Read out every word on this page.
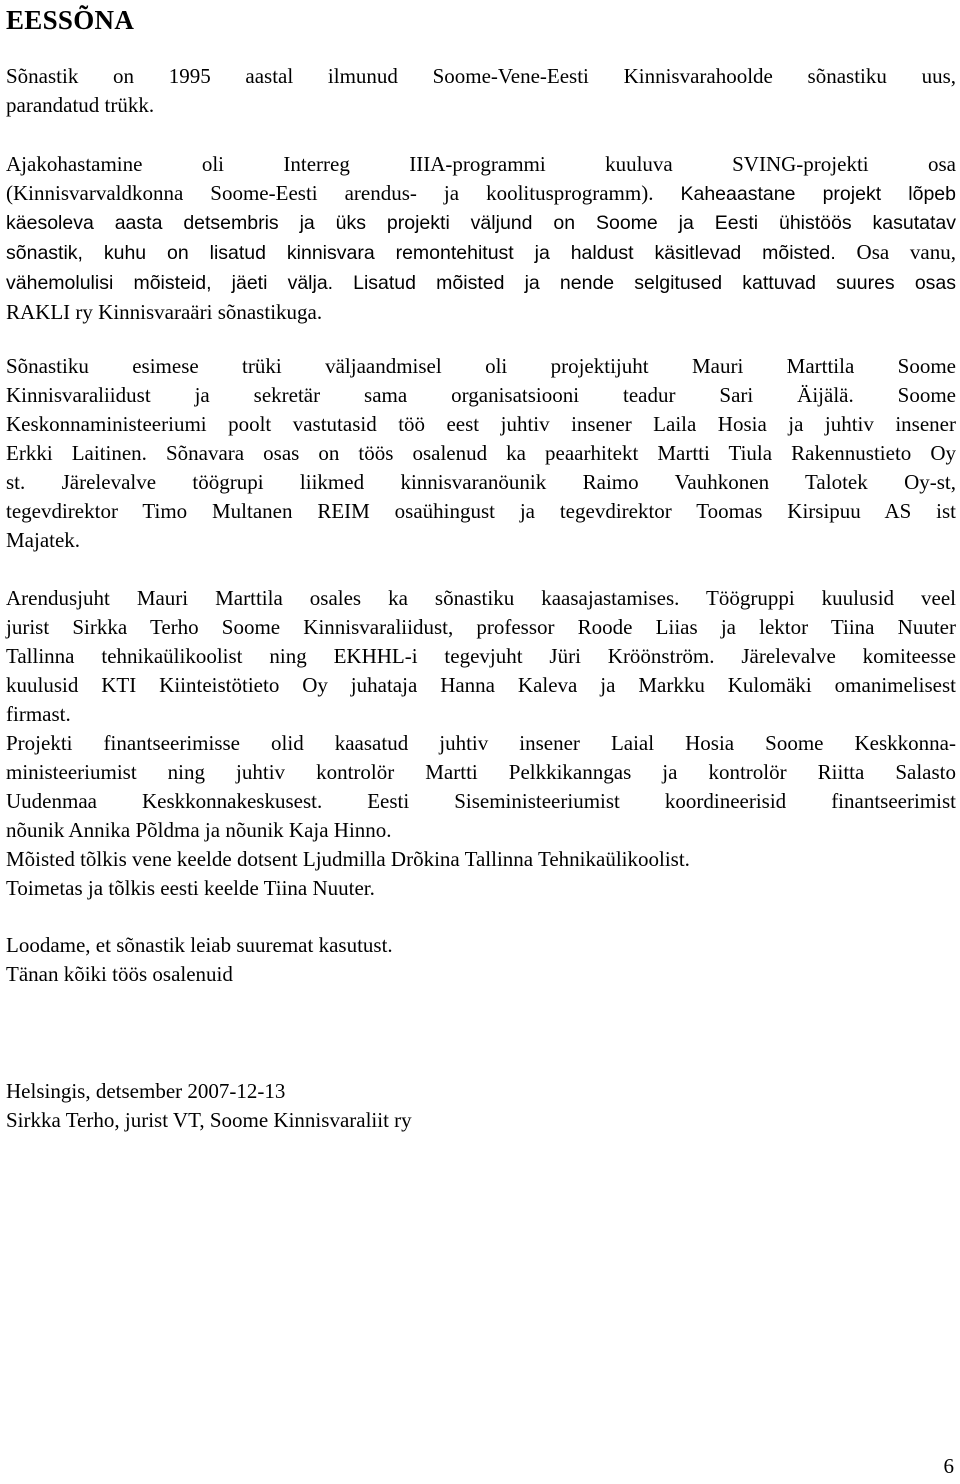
EESSÕNA
Sõnastik on 1995 aastal ilmunud Soome-Vene-Eesti Kinnisvarahoolde sõnastiku uus,
parandatud trükk.
Ajakohastamine oli Interreg IIIA-programmi kuuluva SVING-projekti osa
(Kinnisvarvaldkonna Soome-Eesti arendus- ja koolitusprogramm). Kaheaastane projekt lõpeb
käesoleva aasta detsembris ja üks projekti väljund on Soome ja Eesti ühistöös kasutatav
sõnastik, kuhu on lisatud kinnisvara remontehitust ja haldust käsitlevad mõisted. Osa vanu,
vähemolulisi mõisteid, jäeti välja. Lisatud mõisted ja nende selgitused kattuvad suures osas
RAKLI ry Kinnisvaraäri sõnastikuga.
Sõnastiku esimese trüki väljaandmisel oli projektijuht Mauri Marttila Soome
Kinnisvaraliidust ja sekretär sama organisatsiooni teadur Sari Äijälä. Soome
Keskonnaministeeriumi poolt vastutasid töö eest juhtiv insener Laila Hosia ja juhtiv insener
Erkki Laitinen. Sõnavara osas on töös osalenud ka peaarhitekt Martti Tiula Rakennustieto Oy
st. Järelevalve töögrupi liikmed kinnisvaranöunik Raimo Vauhkonen Talotek Oy-st,
tegevdirektor Timo Multanen REIM osaühingust ja tegevdirektor Toomas Kirsipuu AS ist
Majatek.
Arendusjuht Mauri Marttila osales ka sõnastiku kaasajastamises. Töögruppi kuulusid veel
jurist Sirkka Terho Soome Kinnisvaraliidust, professor Roode Liias ja lektor Tiina Nuuter
Tallinna tehnikaülikoolist ning EKHHL-i tegevjuht Jüri Kröönström. Järelevalve komiteesse
kuulusid KTI Kiinteistötieto Oy juhataja Hanna Kaleva ja Markku Kulomäki omanimelisest
firmast.
Projekti finantseerimisse olid kaasatud juhtiv insener Laial Hosia Soome Keskkonna-
ministeeriumist ning juhtiv kontrolör Martti Pelkkikanngas ja kontrolör Riitta Salasto
Uudenmaa Keskkonnakeskusest. Eesti Siseministeeriumist koordineerisid finantseerimist
nõunik Annika Põldma ja nõunik Kaja Hinno.
Mõisted tõlkis vene keelde dotsent Ljudmilla Drõkina Tallinna Tehnikaülikoolist.
Toimetas ja tõlkis eesti keelde Tiina Nuuter.
Loodame, et sõnastik leiab suuremat kasutust.
Tänan kõiki töös osalenuid
Helsingis, detsember 2007-12-13
Sirkka Terho, jurist VT, Soome Kinnisvaraliit ry
6
